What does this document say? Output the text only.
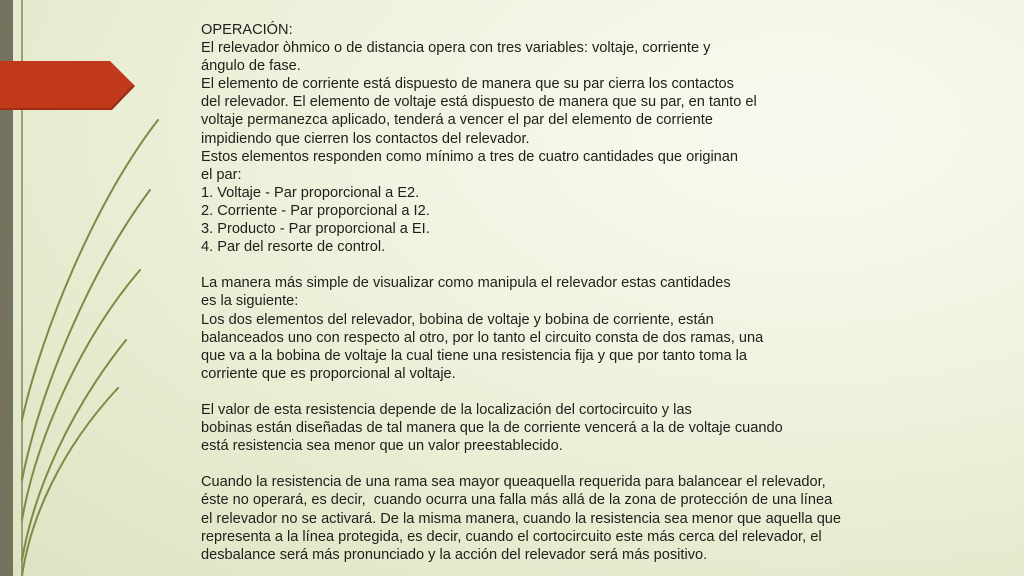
OPERACIÓN:
El relevador òhmico o de distancia opera con tres variables: voltaje, corriente y
ángulo de fase.
El elemento de corriente está dispuesto de manera que su par cierra los contactos
del relevador. El elemento de voltaje está dispuesto de manera que su par, en tanto el
voltaje permanezca aplicado, tenderá a vencer el par del elemento de corriente
impidiendo que cierren los contactos del relevador.
Estos elementos responden como mínimo a tres de cuatro cantidades que originan
el par:
1. Voltaje - Par proporcional a E2.
2. Corriente - Par proporcional a I2.
3. Producto - Par proporcional a EI.
4. Par del resorte de control.
La manera más simple de visualizar como manipula el relevador estas cantidades
es la siguiente:
Los dos elementos del relevador, bobina de voltaje y bobina de corriente, están
balanceados uno con respecto al otro, por lo tanto el circuito consta de dos ramas, una
que va a la bobina de voltaje la cual tiene una resistencia fija y que por tanto toma la
corriente que es proporcional al voltaje.
El valor de esta resistencia depende de la localización del cortocircuito y las
bobinas están diseñadas de tal manera que la de corriente vencerá a la de voltaje cuando
está resistencia sea menor que un valor preestablecido.
Cuando la resistencia de una rama sea mayor queaquella requerida para balancear el relevador,
éste no operará, es decir,  cuando ocurra una falla más allá de la zona de protección de una línea
el relevador no se activará. De la misma manera, cuando la resistencia sea menor que aquella que
representa a la línea protegida, es decir, cuando el cortocircuito este más cerca del relevador, el
desbalance será más pronunciado y la acción del relevador será más positivo.
